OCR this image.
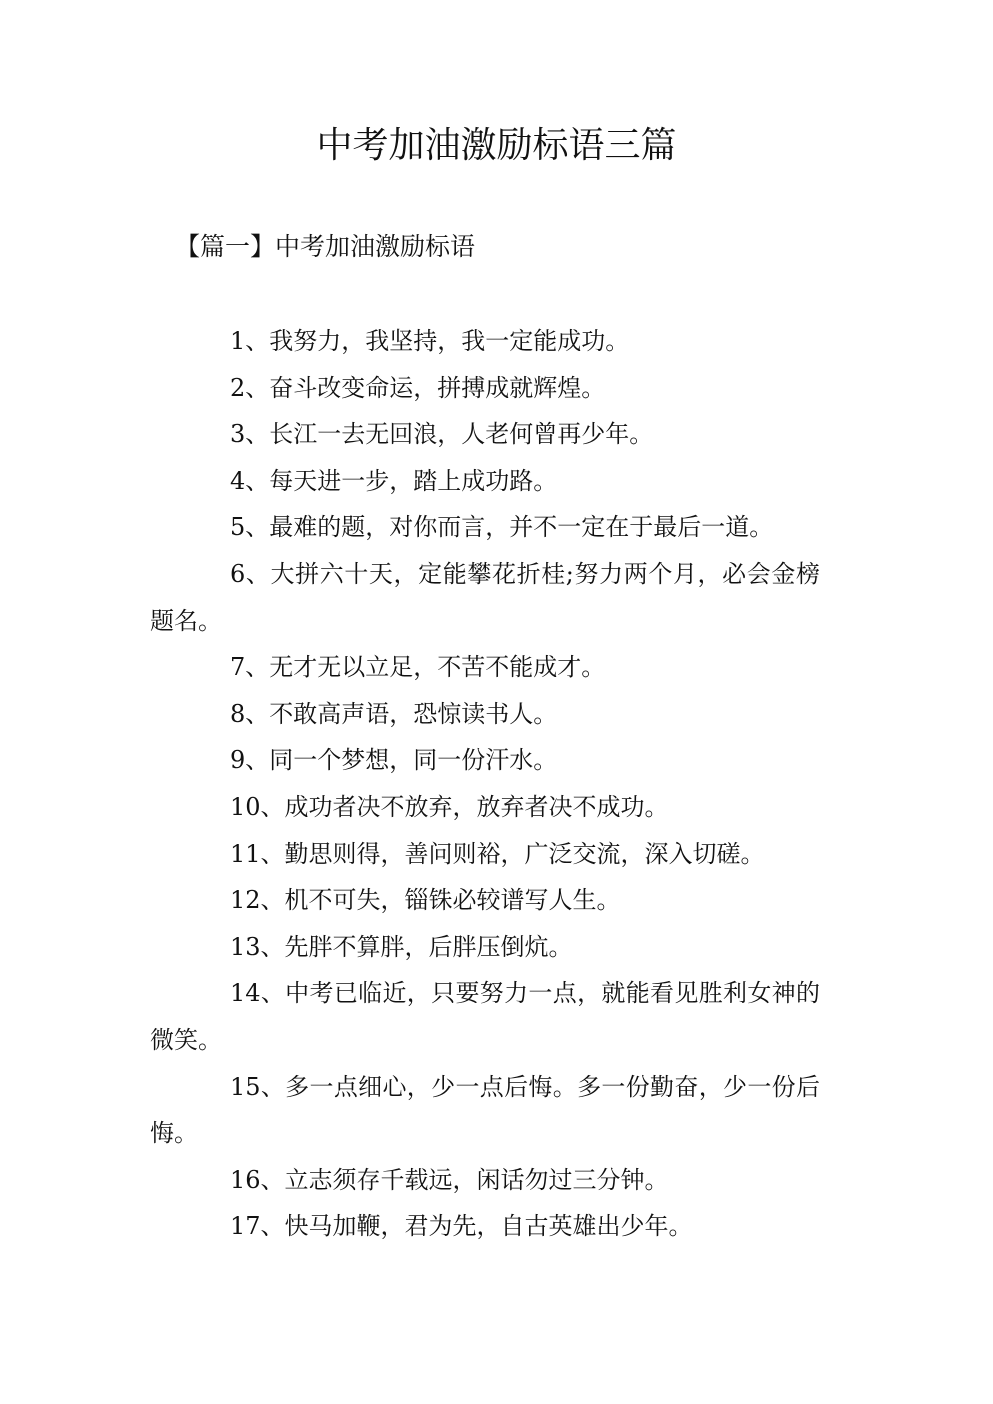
中考加油激励标语三篇
【篇一】中考加油激励标语
1、我努力，我坚持，我一定能成功。
2、奋斗改变命运，拼搏成就辉煌。
3、长江一去无回浪，人老何曾再少年。
4、每天进一步，踏上成功路。
5、最难的题，对你而言，并不一定在于最后一道。
6、大拼六十天，定能攀花折桂;努力两个月，必会金榜题名。
7、无才无以立足，不苦不能成才。
8、不敢高声语，恐惊读书人。
9、同一个梦想，同一份汗水。
10、成功者决不放弃，放弃者决不成功。
11、勤思则得，善问则裕，广泛交流，深入切磋。
12、机不可失，锱铢必较谱写人生。
13、先胖不算胖，后胖压倒炕。
14、中考已临近，只要努力一点，就能看见胜利女神的微笑。
15、多一点细心，少一点后悔。多一份勤奋，少一份后悔。
16、立志须存千载远，闲话勿过三分钟。
17、快马加鞭，君为先，自古英雄出少年。
